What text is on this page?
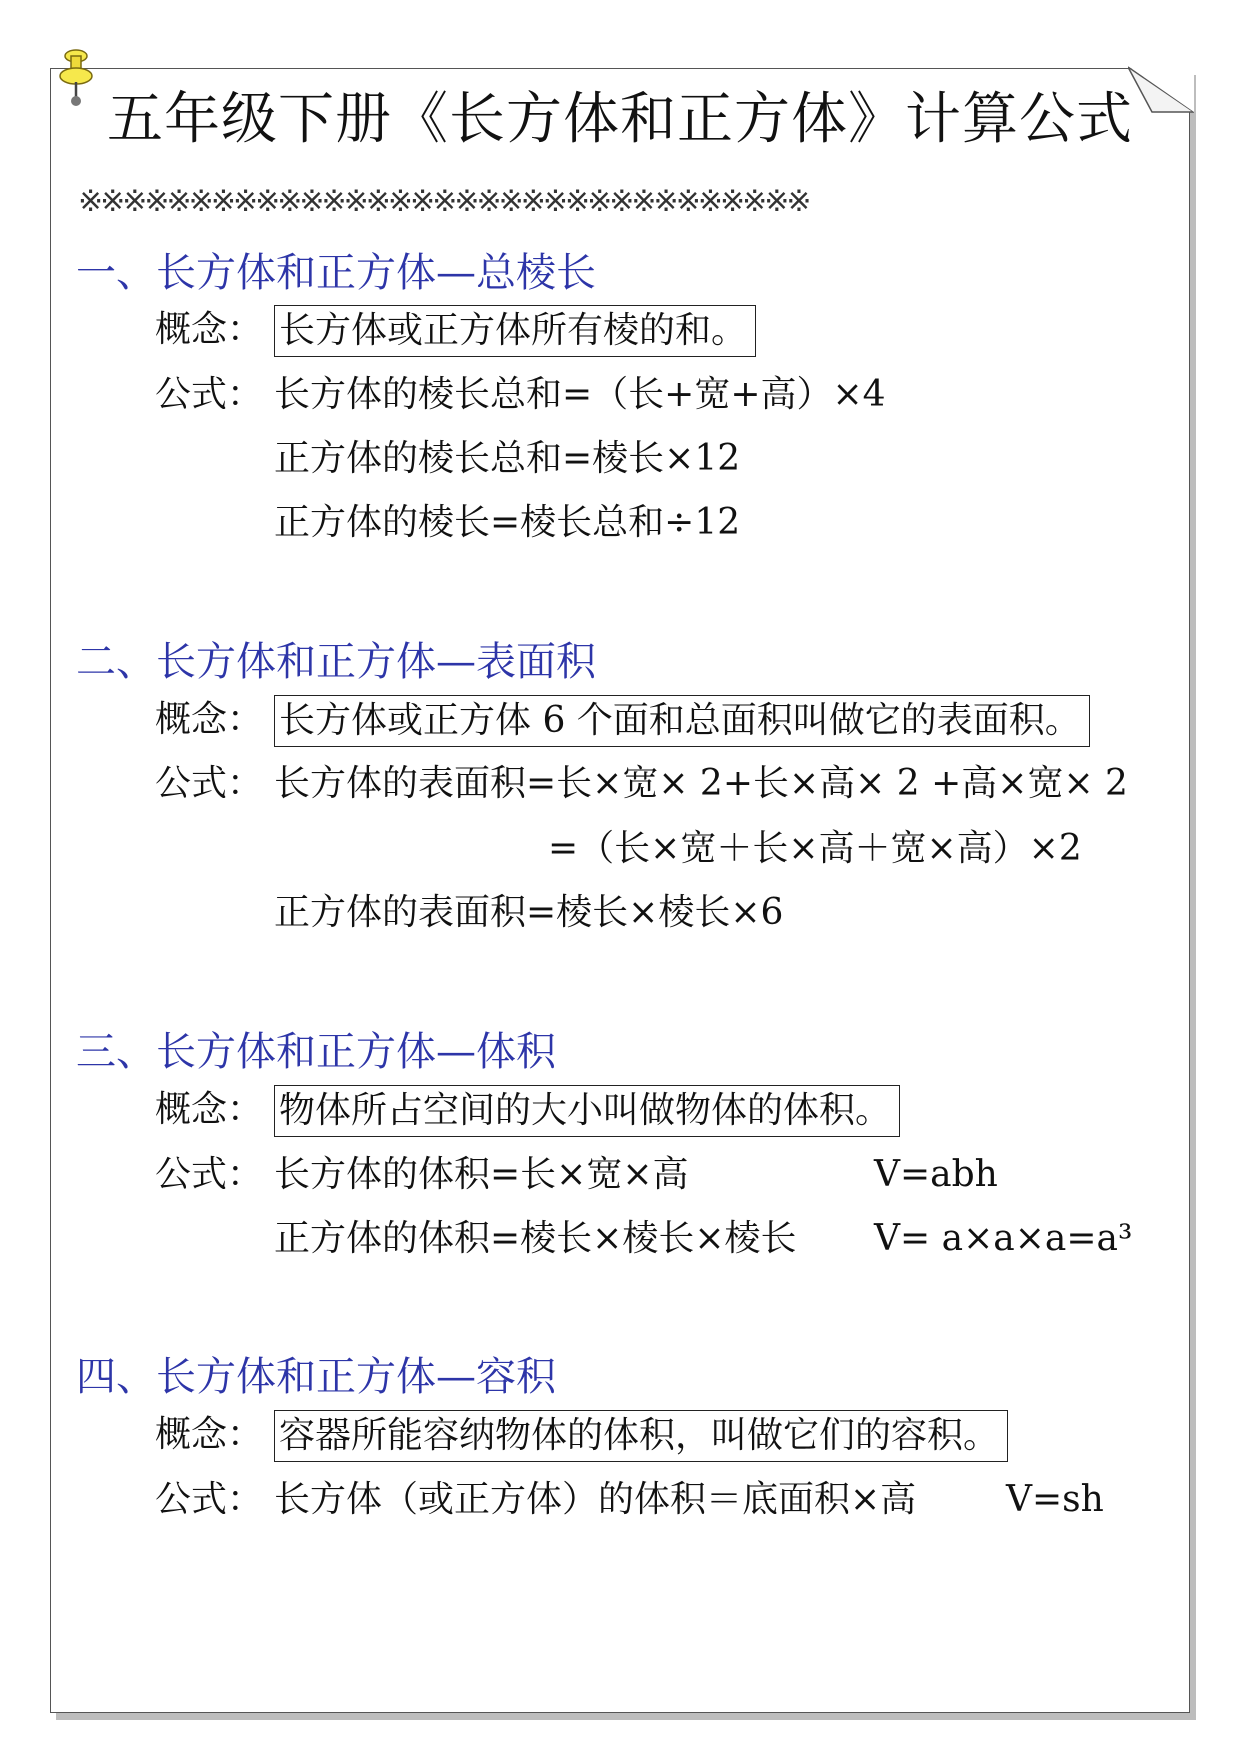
五年级下册《长方体和正方体》计算公式
※※※※※※※※※※※※※※※※※※※※※※※※※※※※※※※※※
一、长方体和正方体—总棱长
概念： 长方体或正方体所有棱的和。
公式： 长方体的棱长总和=（长+宽+高）×4
正方体的棱长总和=棱长×12
正方体的棱长=棱长总和÷12
二、长方体和正方体—表面积
概念： 长方体或正方体 6 个面和总面积叫做它的表面积。
公式： 长方体的表面积=长×宽× 2+长×高× 2 +高×宽× 2
=（长×宽＋长×高＋宽×高）×2
正方体的表面积=棱长×棱长×6
三、长方体和正方体—体积
概念： 物体所占空间的大小叫做物体的体积。
公式： 长方体的体积=长×宽×高	V=abh
正方体的体积=棱长×棱长×棱长 V= a×a×a=a³
四、长方体和正方体—容积
概念： 容器所能容纳物体的体积，叫做它们的容积。
公式： 长方体（或正方体）的体积＝底面积×高 V=sh
